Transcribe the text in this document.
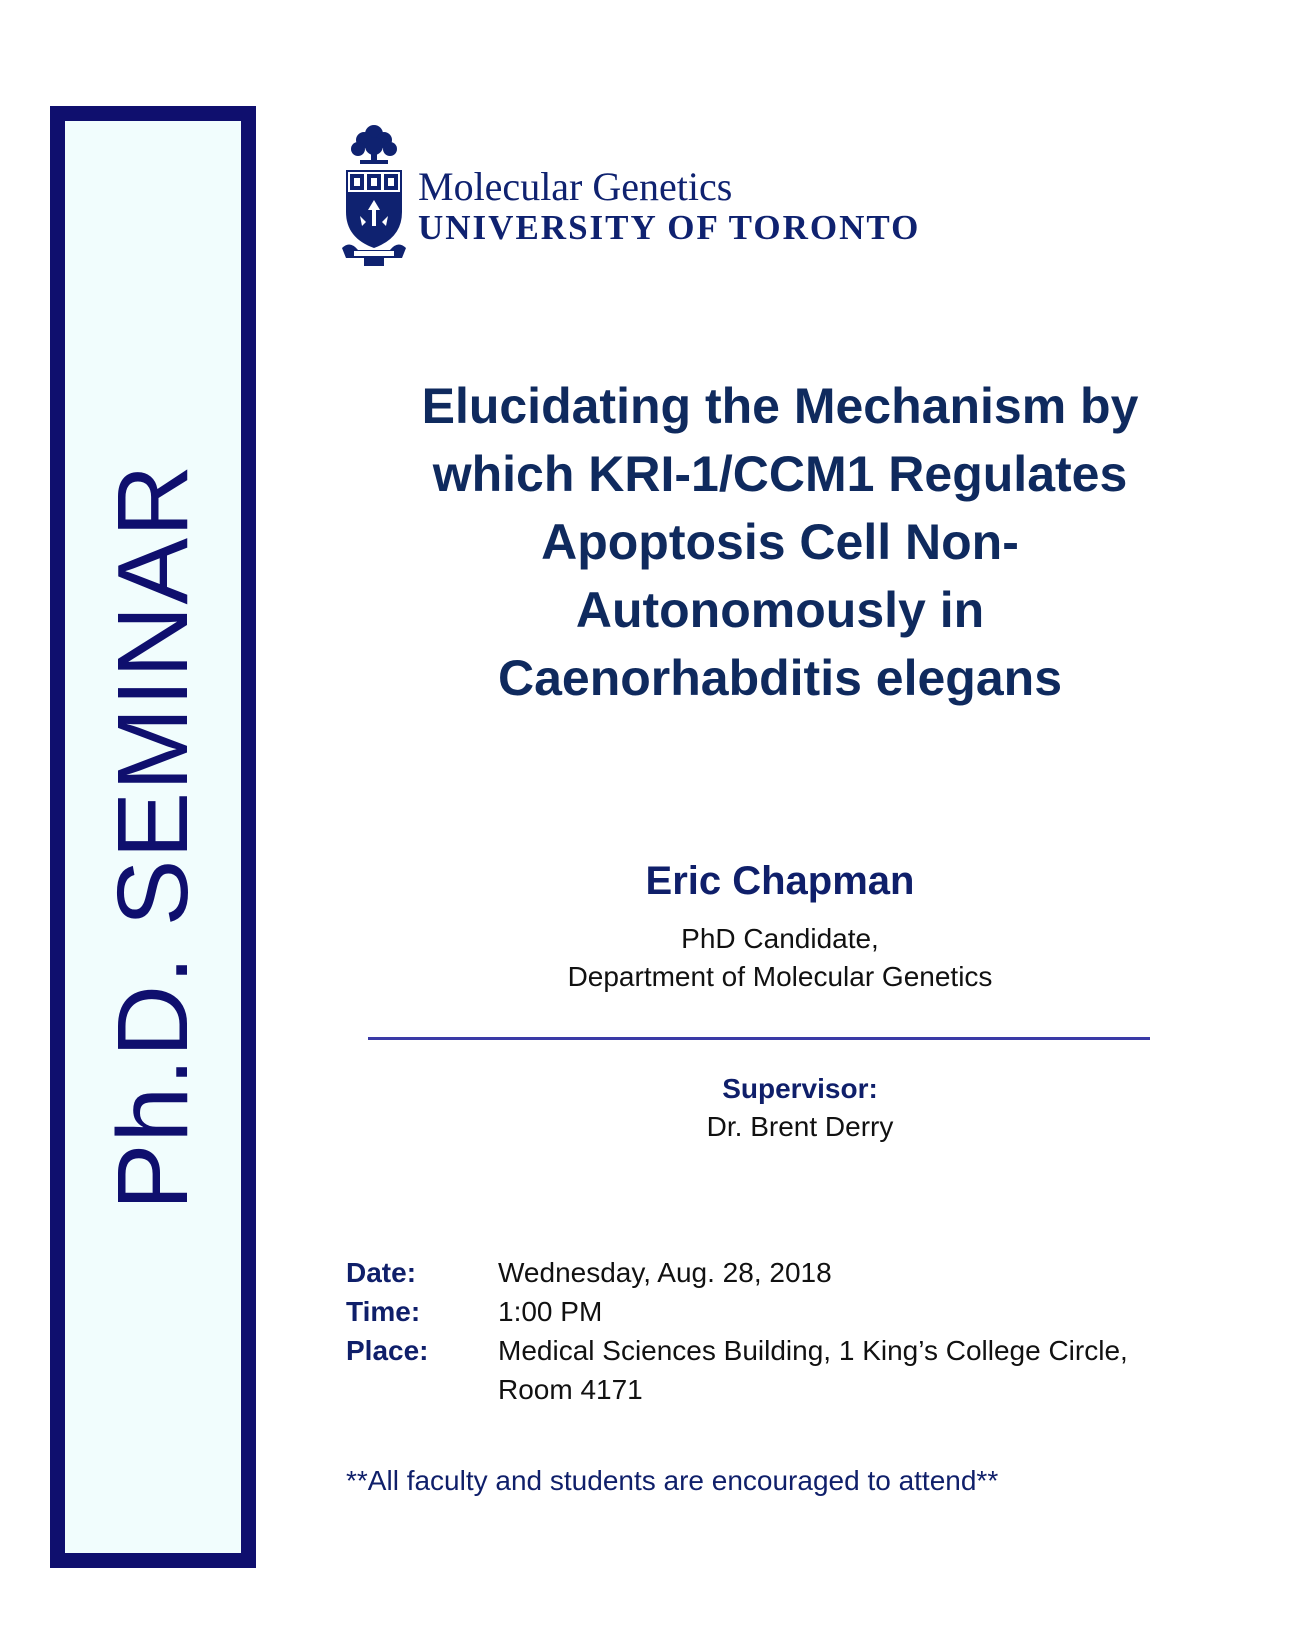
Ph.D. SEMINAR
Molecular Genetics
UNIVERSITY OF TORONTO
Elucidating the Mechanism by
which KRI-1/CCM1 Regulates
Apoptosis Cell Non-
Autonomously in
Caenorhabditis elegans
Eric Chapman
PhD Candidate,
Department of Molecular Genetics
Supervisor:
Dr. Brent Derry
Date:	Wednesday, Aug. 28, 2018
Time:	1:00 PM
Place: Medical Sciences Building, 1 King’s College Circle, Room 4171
**All faculty and students are encouraged to attend**
